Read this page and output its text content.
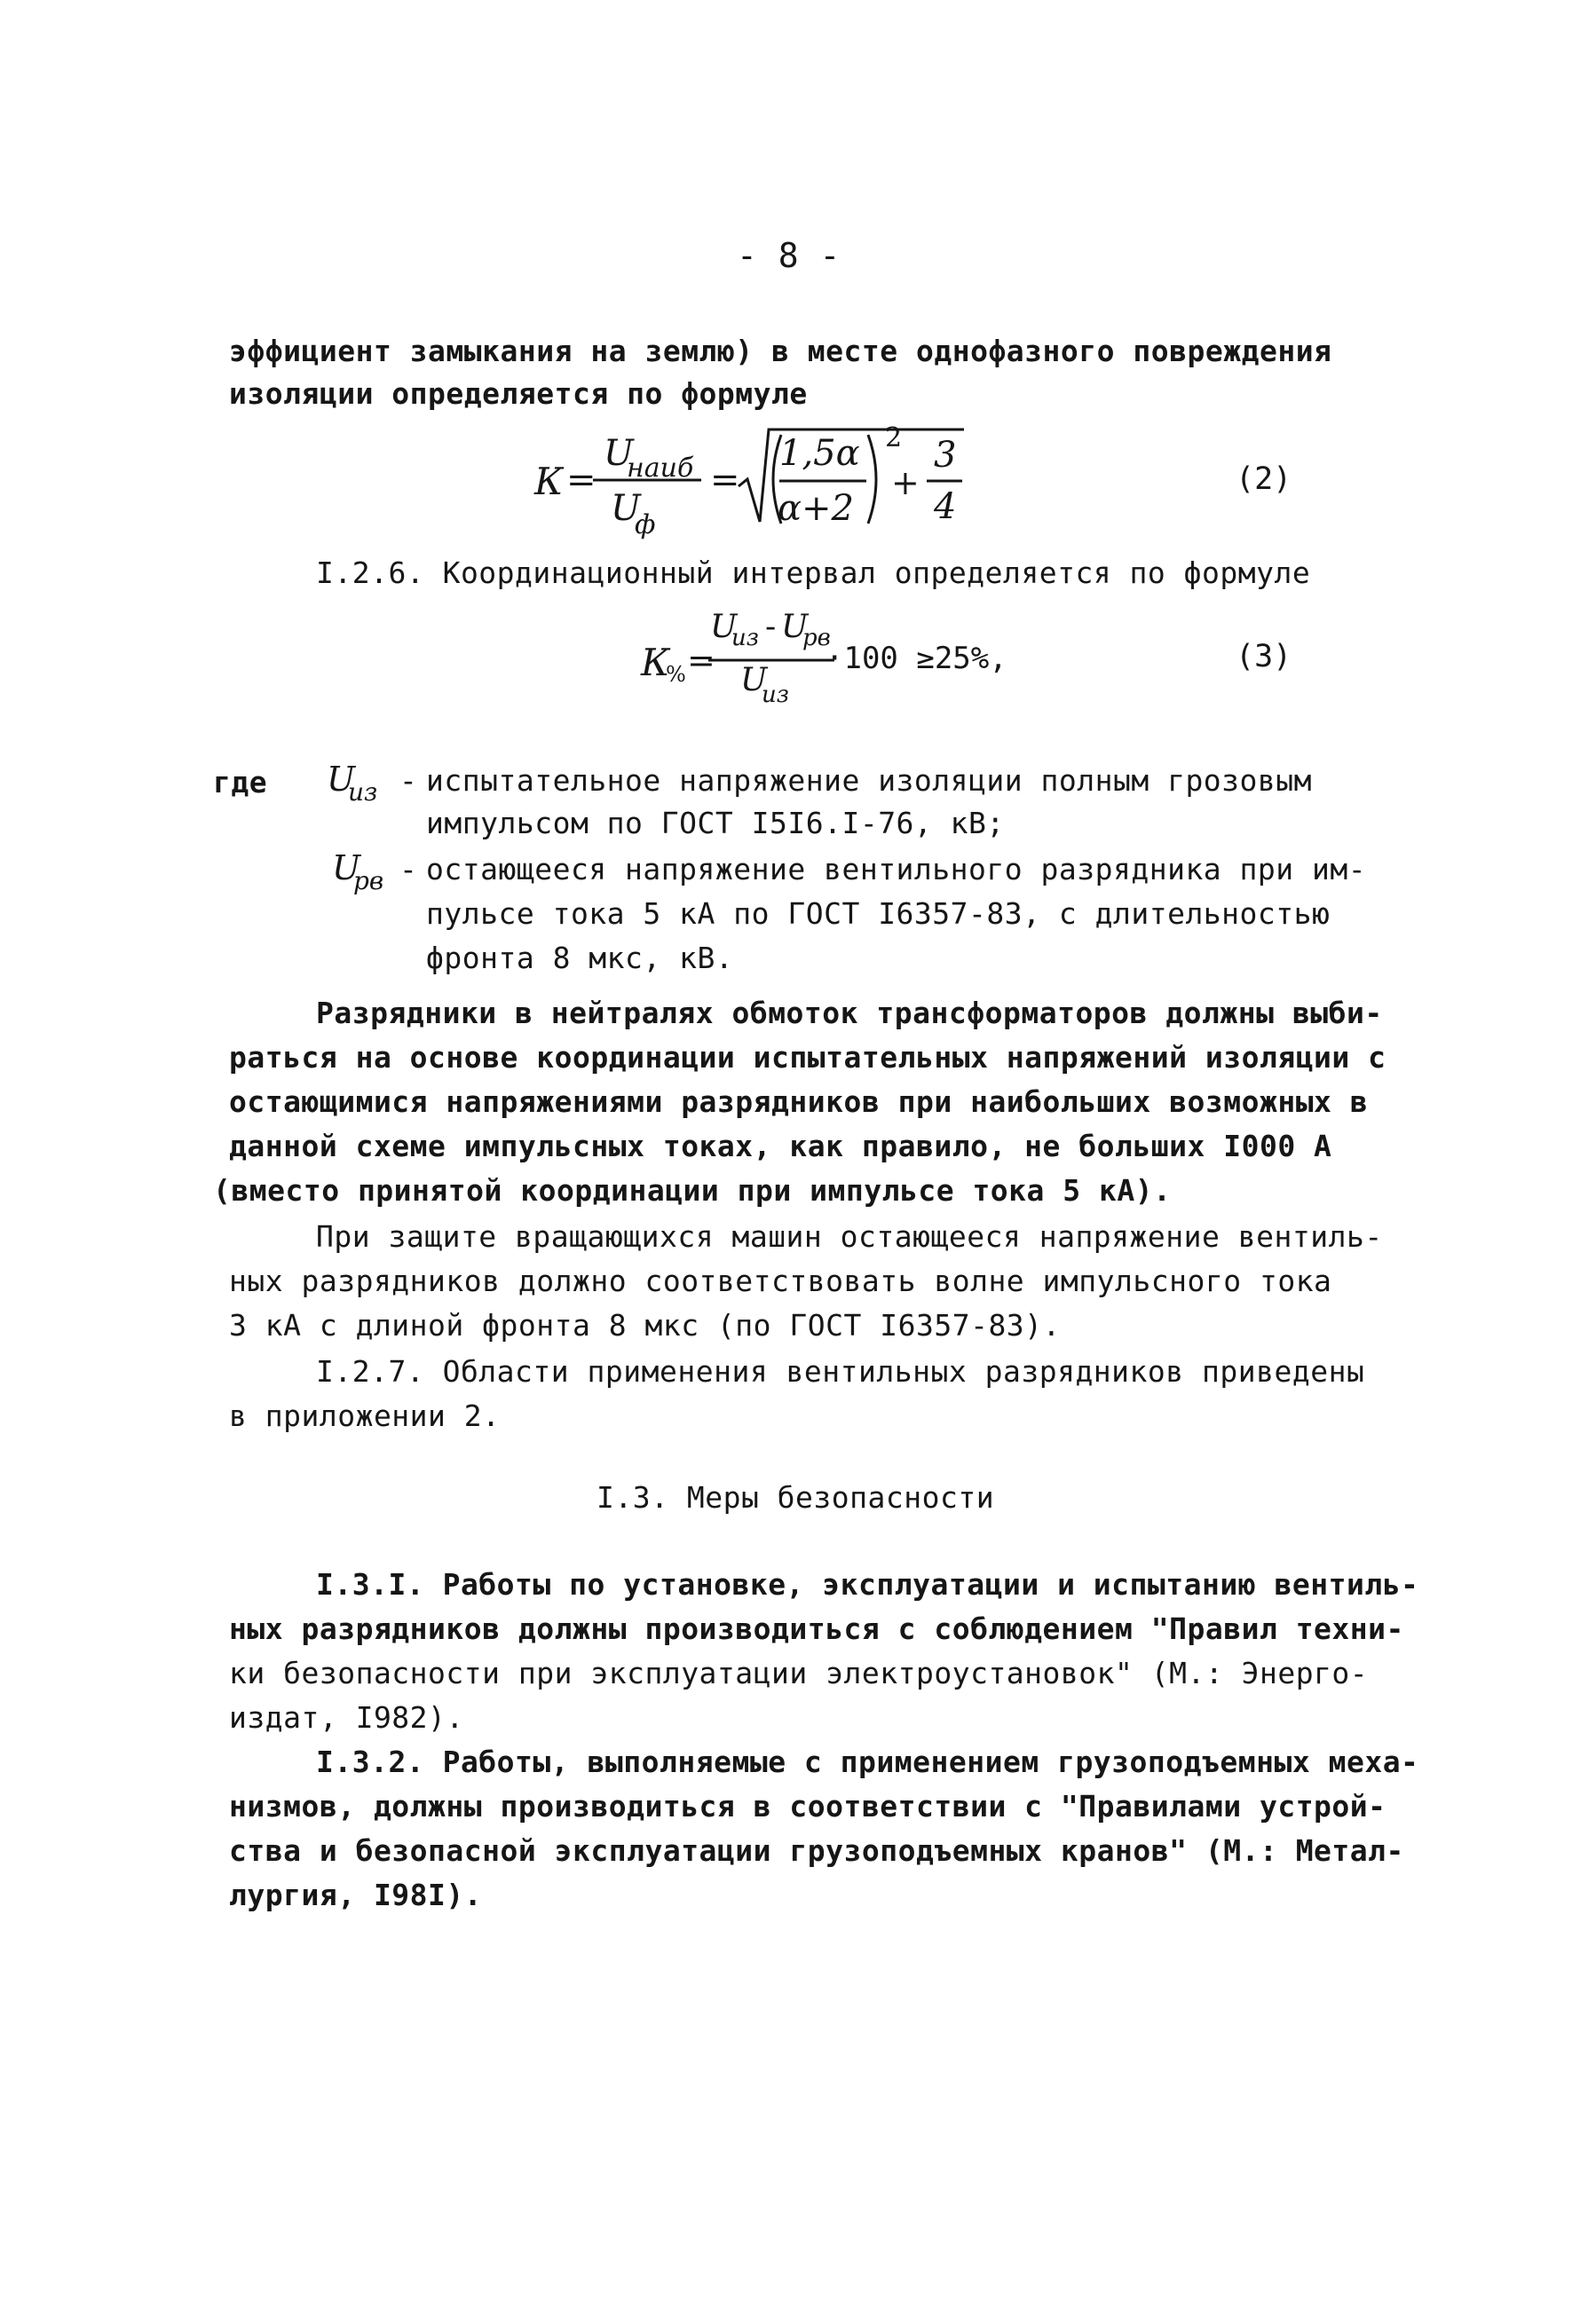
- 8 -
эффициент замыкания на землю) в месте однофазного повреждения
изоляции определяется по формуле
К =
U
наиб
U
ф
=
1,5α
α+2
2
+
3
4
(2)
I.2.6. Координационный интервал определяется по формуле
К
% =
U
из - U
рв
U
из
·100 ≥25%,	(3)
где U
из - испытательное напряжение изоляции полным грозовым
импульсом по ГОСТ I5I6.I-76, кВ;
U
рв - остающееся напряжение вентильного разрядника при им-
пульсе тока 5 кА по ГОСТ I6357-83, с длительностью
фронта 8 мкс, кВ.
Разрядники в нейтралях обмоток трансформаторов должны выби-
раться на основе координации испытательных напряжений изоляции с
остающимися напряжениями разрядников при наибольших возможных в
данной схеме импульсных токах, как правило, не больших I000 А
(вместо принятой координации при импульсе тока 5 кА).
При защите вращающихся машин остающееся напряжение вентиль-
ных разрядников должно соответствовать волне импульсного тока
3 кА с длиной фронта 8 мкс (по ГОСТ I6357-83).
I.2.7. Области применения вентильных разрядников приведены
в приложении 2.
I.3. Меры безопасности
I.3.I. Работы по установке, эксплуатации и испытанию вентиль-
ных разрядников должны производиться с соблюдением "Правил техни-
ки безопасности при эксплуатации электроустановок" (М.: Энерго-
издат, I982).
I.3.2. Работы, выполняемые с применением грузоподъемных меха-
низмов, должны производиться в соответствии с "Правилами устрой-
ства и безопасной эксплуатации грузоподъемных кранов" (М.: Метал-
лургия, I98I).
